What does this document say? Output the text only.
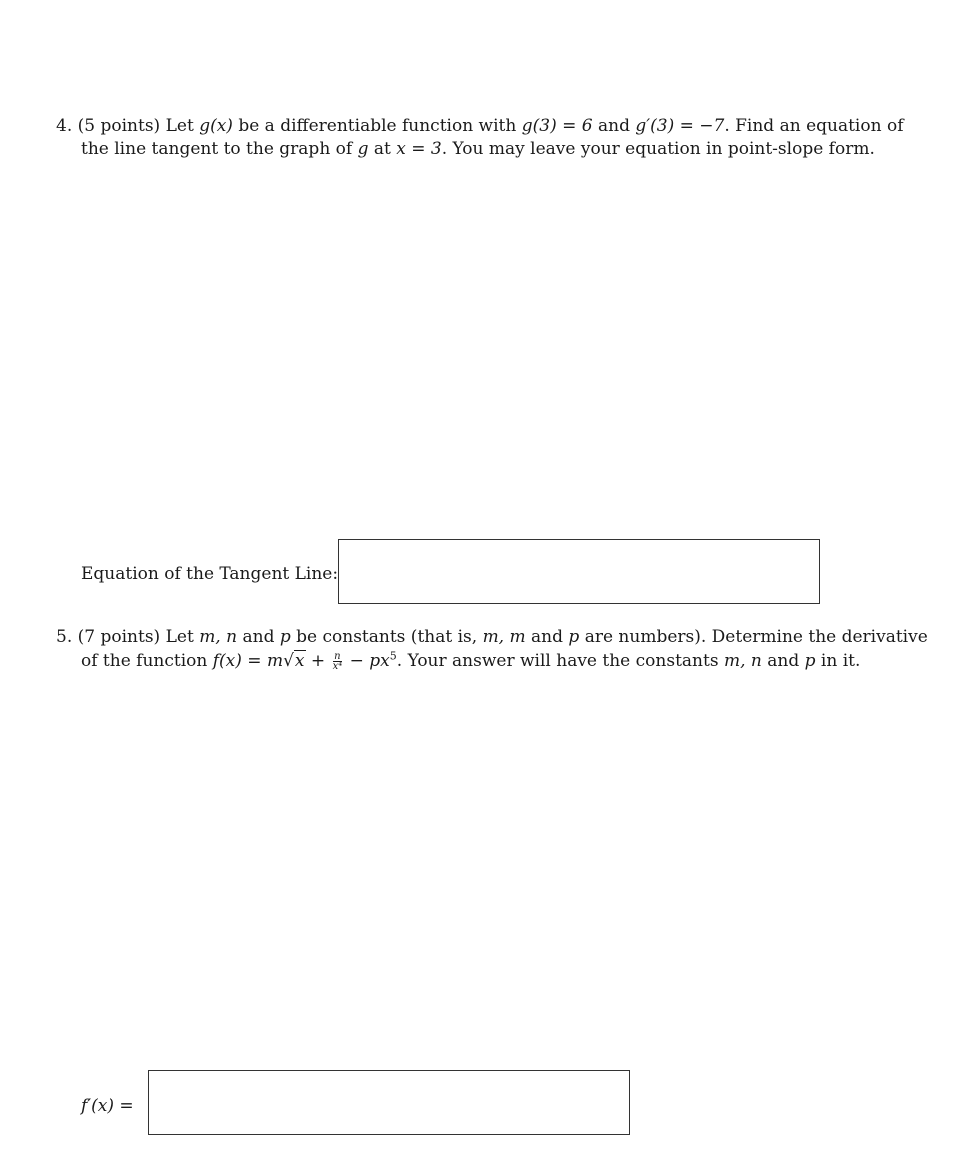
4. (5 points) Let g(x) be a differentiable function with g(3) = 6 and g′(3) = −7. Find an equation of
the line tangent to the graph of g at x = 3. You may leave your equation in point-slope form.
Equation of the Tangent Line:
5. (7 points) Let m, n and p be constants (that is, m, m and p are numbers). Determine the derivative
of the function $f(x) = m√x + \frac{n}{\text{x⁴}} - px^5$. Your answer will have the constants m, n and p in it.
f′(x) =
